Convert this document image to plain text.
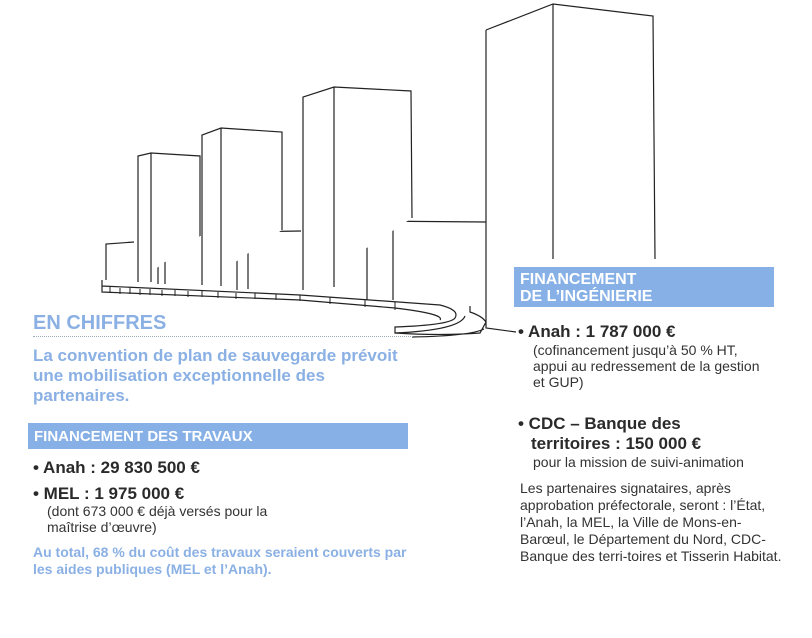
EN CHIFFRES
La convention de plan de sauvegarde prévoit une mobilisation exceptionnelle des partenaires.
FINANCEMENT DES TRAVAUX
• Anah : 29 830 500 €
• MEL : 1 975 000 €
(dont 673 000 € déjà versés pour la maîtrise d’œuvre)
Au total, 68 % du coût des travaux seraient couverts par les aides publiques (MEL et l’Anah).
FINANCEMENT
DE L’INGÉNIERIE
• Anah : 1 787 000 €
(cofinancement jusqu’à 50 % HT, appui au redressement de la gestion et GUP)
• CDC – Banque des
territoires : 150 000 €
pour la mission de suivi-animation
Les partenaires signataires, après approbation préfectorale, seront : l’État, l’Anah, la MEL, la Ville de Mons-en-Barœul, le Département du Nord, CDC-Banque des terri-toires et Tisserin Habitat.
